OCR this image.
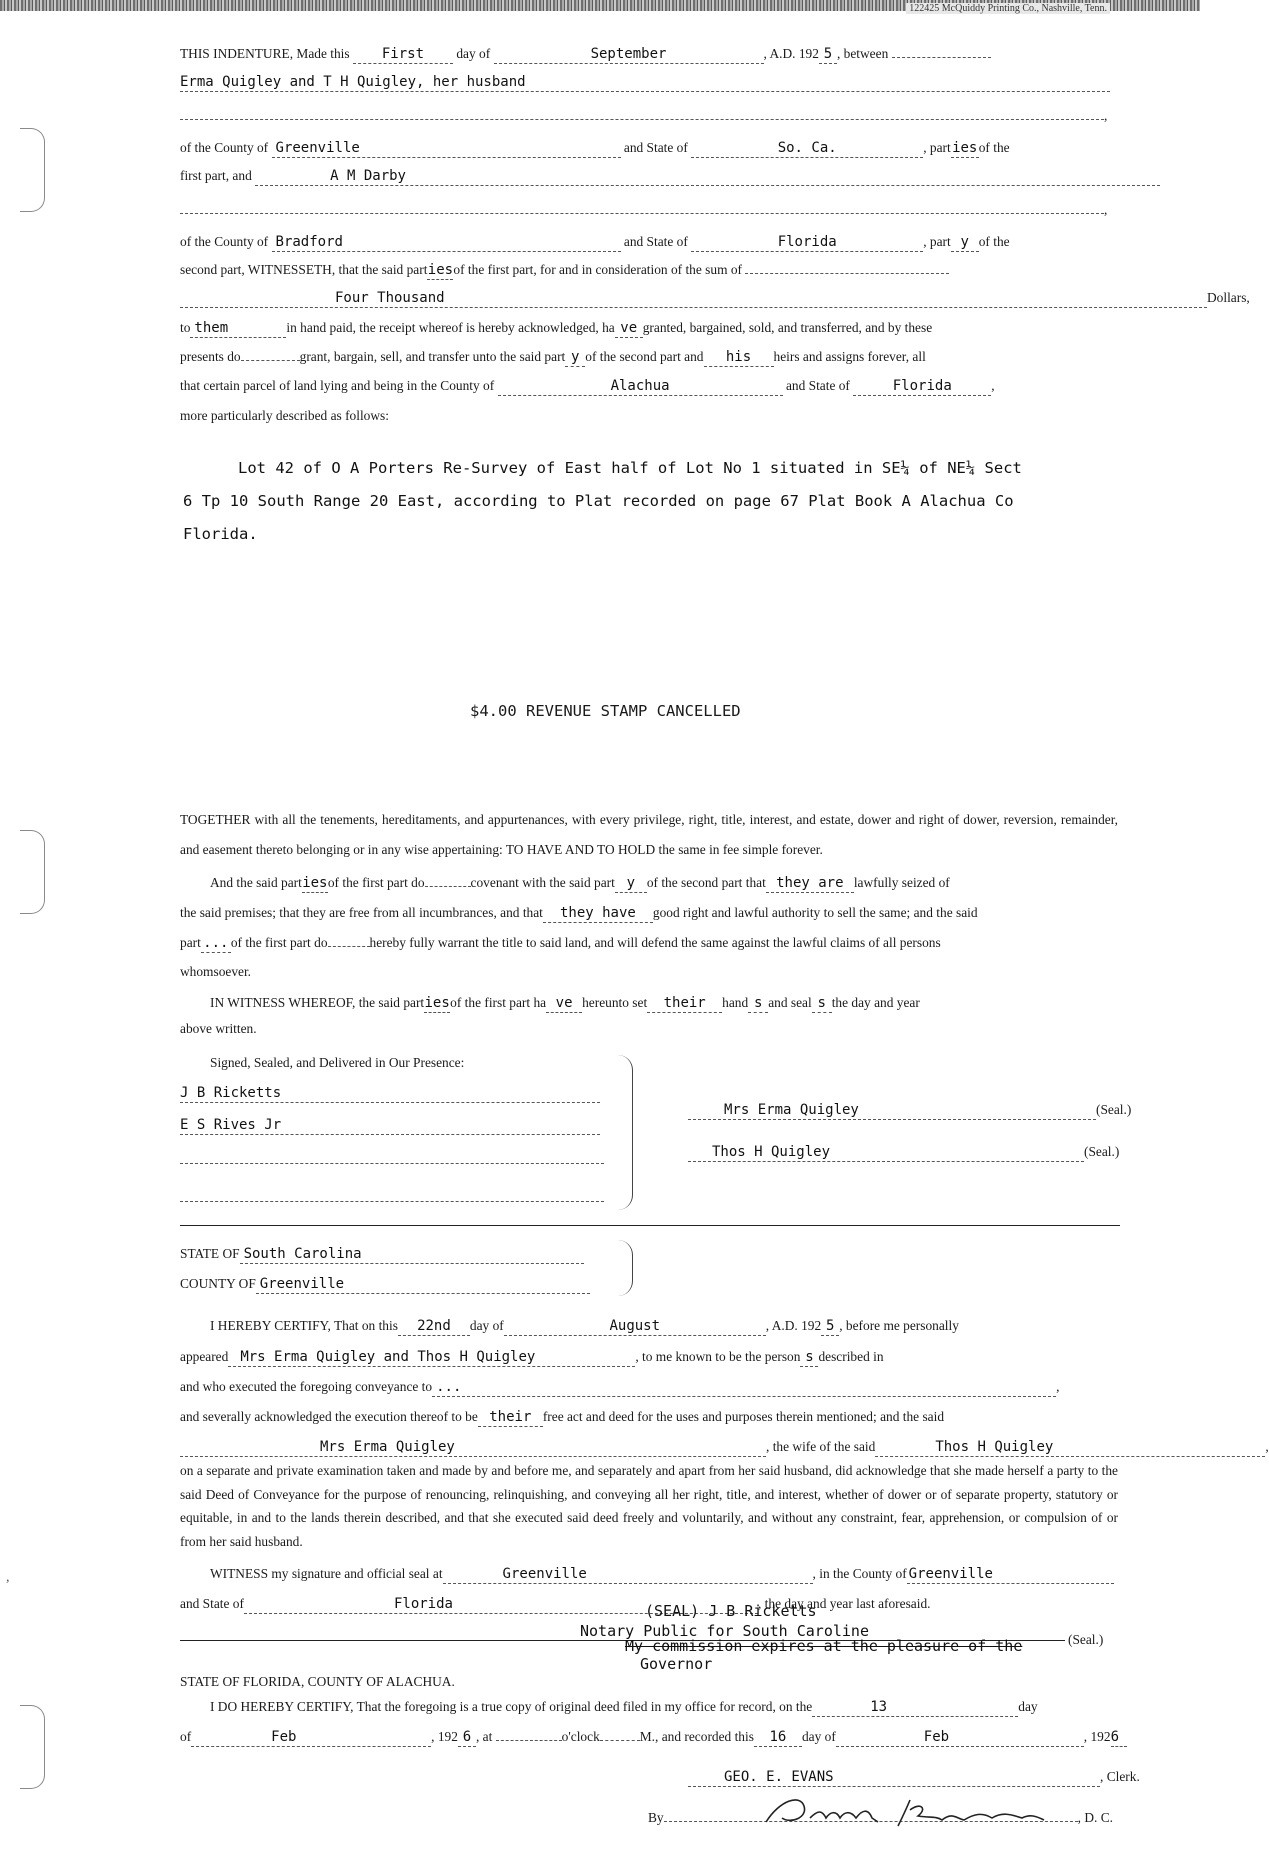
122425 McQuiddy Printing Co., Nashville, Tenn.
,
THIS INDENTURE, Made this First day of	September	, A.D. 192 5 , between
Erma Quigley and T H Quigley, her husband
,
of the County of Greenville	and State of	So. Ca.	, partiesof the
first part, and	A M Darby
,
of the County of Bradford	and State of	Florida	, part y of the
second part, WITNESSETH, that the said partiesof the first part, for and in consideration of the sum of
Four Thousand	Dollars,
to them	in hand paid, the receipt whereof is hereby acknowledged, ha ve granted, bargained, sold, and transferred, and by these
presents do	grant, bargain, sell, and transfer unto the said part y of the second part and his heirs and assigns forever, all
that certain parcel of land lying and being in the County of	Alachua	and State of	Florida	,
more particularly described as follows:
Lot 42 of O A Porters Re-Survey of East half of Lot No 1 situated in SE¼ of NE¼ Sect
6 Tp 10 South Range 20 East, according to Plat recorded on page 67 Plat Book A Alachua Co
Florida.
$4.00 REVENUE STAMP CANCELLED
TOGETHER with all the tenements, hereditaments, and appurtenances, with every privilege, right, title, interest, and estate, dower and right of dower, reversion, remainder, and easement thereto belonging or in any wise appertaining: TO HAVE AND TO HOLD the same in fee simple forever.
And the said partiesof the first part do	covenant with the said part y of the second part that they are lawfully seized of
the said premises; that they are free from all incumbrances, and that they have good right and lawful authority to sell the same; and the said
part ... of the first part do	hereby fully warrant the title to said land, and will defend the same against the lawful claims of all persons
whomsoever.
IN WITNESS WHEREOF, the said partiesof the first part ha ve hereunto set their hand s and seal s the day and year
above written.
Signed, Sealed, and Delivered in Our Presence:
J B Ricketts
E S Rives Jr
Mrs Erma Quigley	(Seal.)
Thos H Quigley	(Seal.)
STATE OF South Carolina
COUNTY OF Greenville
I HEREBY CERTIFY, That on this 22nd day of	August	, A.D. 192 5 , before me personally
appeared Mrs Erma Quigley and Thos H Quigley	, to me known to be the person s described in
and who executed the foregoing conveyance to ...	,
and severally acknowledged the execution thereof to be their free act and deed for the uses and purposes therein mentioned; and the said
Mrs Erma Quigley	, the wife of the said	Thos H Quigley	,
on a separate and private examination taken and made by and before me, and separately and apart from her said husband, did acknowledge that she made herself a party to the said Deed of Conveyance for the purpose of renouncing, relinquishing, and conveying all her right, title, and interest, whether of dower or of separate property, statutory or equitable, in and to the lands therein described, and that she executed said deed freely and voluntarily, and without any constraint, fear, apprehension, or compulsion of or from her said husband.
WITNESS my signature and official seal at	Greenville	, in the County of Greenville
and State of	Florida	, the day and year last aforesaid.
(SEAL) J B Ricketts
Notary Public for South Caroline
My commission expires at the pleasure of the
Governor
(Seal.)
STATE OF FLORIDA, COUNTY OF ALACHUA.
I DO HEREBY CERTIFY, That the foregoing is a true copy of original deed filed in my office for record, on the	13	day
of	Feb	, 192 6 , at	o'clock	M., and recorded this 16 day of	Feb	, 1926
GEO. E. EVANS	, Clerk.
By	, D. C.
